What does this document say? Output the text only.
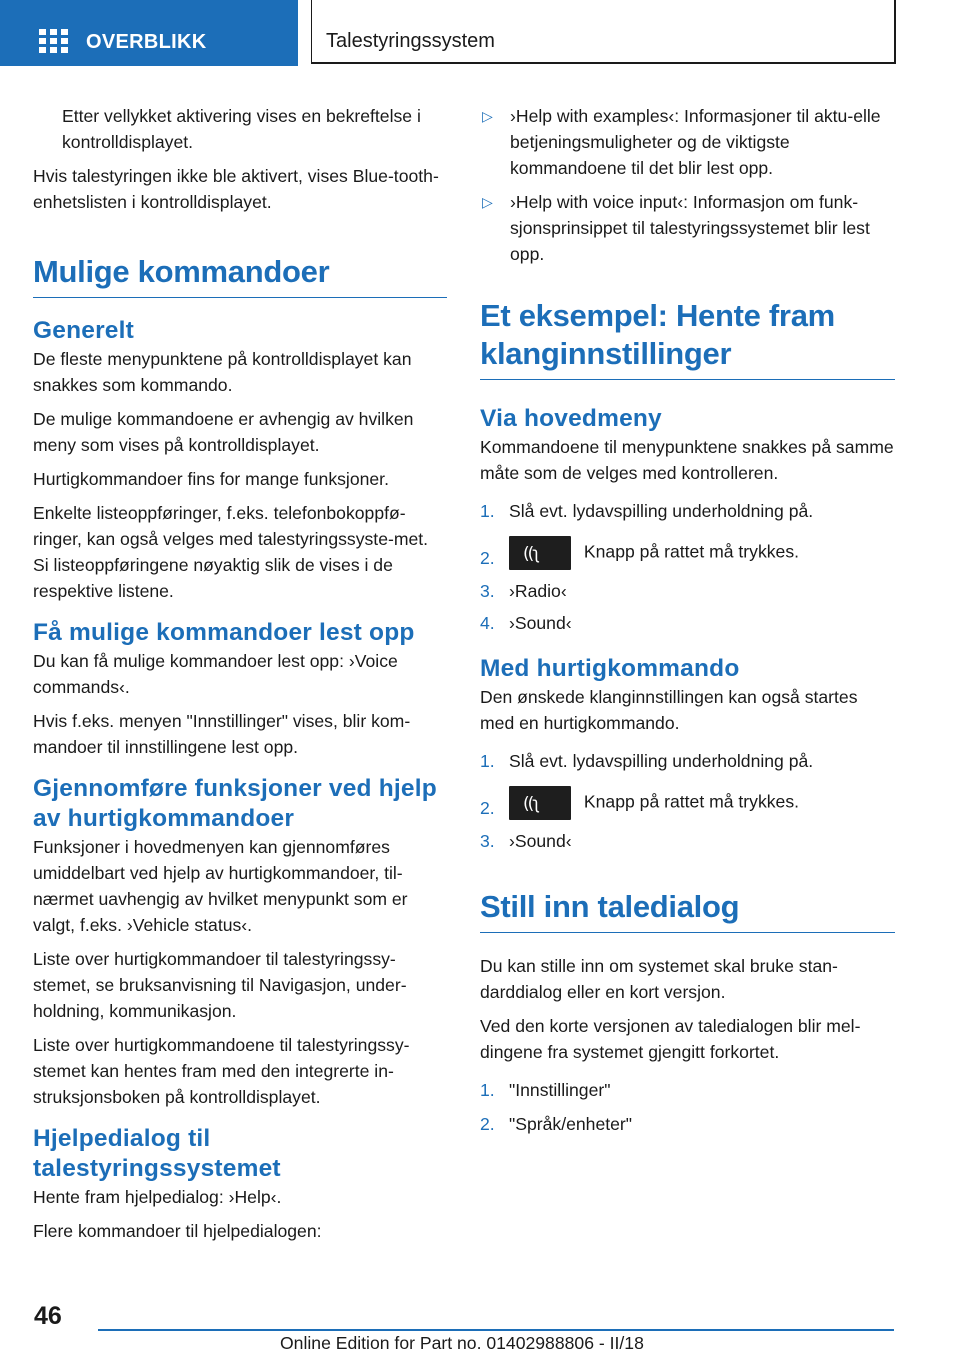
OVERBLIKK	Talestyringssystem

Etter vellykket aktivering vises en bekreftelse i kontrolldisplayet.

Hvis talestyringen ikke ble aktivert, vises Blue‐tooth-enhetslisten i kontrolldisplayet.

Mulige kommandoer
Generelt

De fleste menypunktene på kontrolldisplayet kan snakkes som kommando.

De mulige kommandoene er avhengig av hvilken meny som vises på kontrolldisplayet.

Hurtigkommandoer fins for mange funksjoner.

Enkelte listeoppføringer, f.eks. telefonbokoppfø‐ringer, kan også velges med talestyringssyste‐met. Si listeoppføringene nøyaktig slik de vises i de respektive listene.

Få mulige kommandoer lest opp

Du kan få mulige kommandoer lest opp: ›Voice commands‹.

Hvis f.eks. menyen "Innstillinger" vises, blir kom‐mandoer til innstillingene lest opp.

Gjennomføre funksjoner ved hjelp av hurtigkommandoer

Funksjoner i hovedmenyen kan gjennomføres umiddelbart ved hjelp av hurtigkommandoer, til‐nærmet uavhengig av hvilket menypunkt som er valgt, f.eks. ›Vehicle status‹.

Liste over hurtigkommandoer til talestyringssy‐stemet, se bruksanvisning til Navigasjon, under‐holdning, kommunikasjon.

Liste over hurtigkommandoene til talestyringssy‐stemet kan hentes fram med den integrerte in‐struksjonsboken på kontrolldisplayet.

Hjelpedialog til talestyringssystemet

Hente fram hjelpedialog: ›Help‹.

Flere kommandoer til hjelpedialogen:

▷ ›Help with examples‹: Informasjoner til aktu‐elle betjeningsmuligheter og de viktigste kommandoene til det blir lest opp.

▷ ›Help with voice input‹: Informasjon om funk‐sjonsprinsippet til talestyringssystemet blir lest opp.

Et eksempel: Hente fram klanginnstillinger
Via hovedmeny

Kommandoene til menypunktene snakkes på samme måte som de velges med kontrolleren.

1. Slå evt. lydavspilling underholdning på.

2. ((ʅ	Knapp på rattet må trykkes.

3. ›Radio‹

4. ›Sound‹

Med hurtigkommando

Den ønskede klanginnstillingen kan også startes med en hurtigkommando.

1. Slå evt. lydavspilling underholdning på.

2. ((ʅ	Knapp på rattet må trykkes.

3. ›Sound‹

Still inn taledialog

Du kan stille inn om systemet skal bruke stan‐darddialog eller en kort versjon.

Ved den korte versjonen av taledialogen blir mel‐dingene fra systemet gjengitt forkortet.

1. "Innstillinger"

2. "Språk/enheter"

46
Online Edition for Part no. 01402988806 - II/18
